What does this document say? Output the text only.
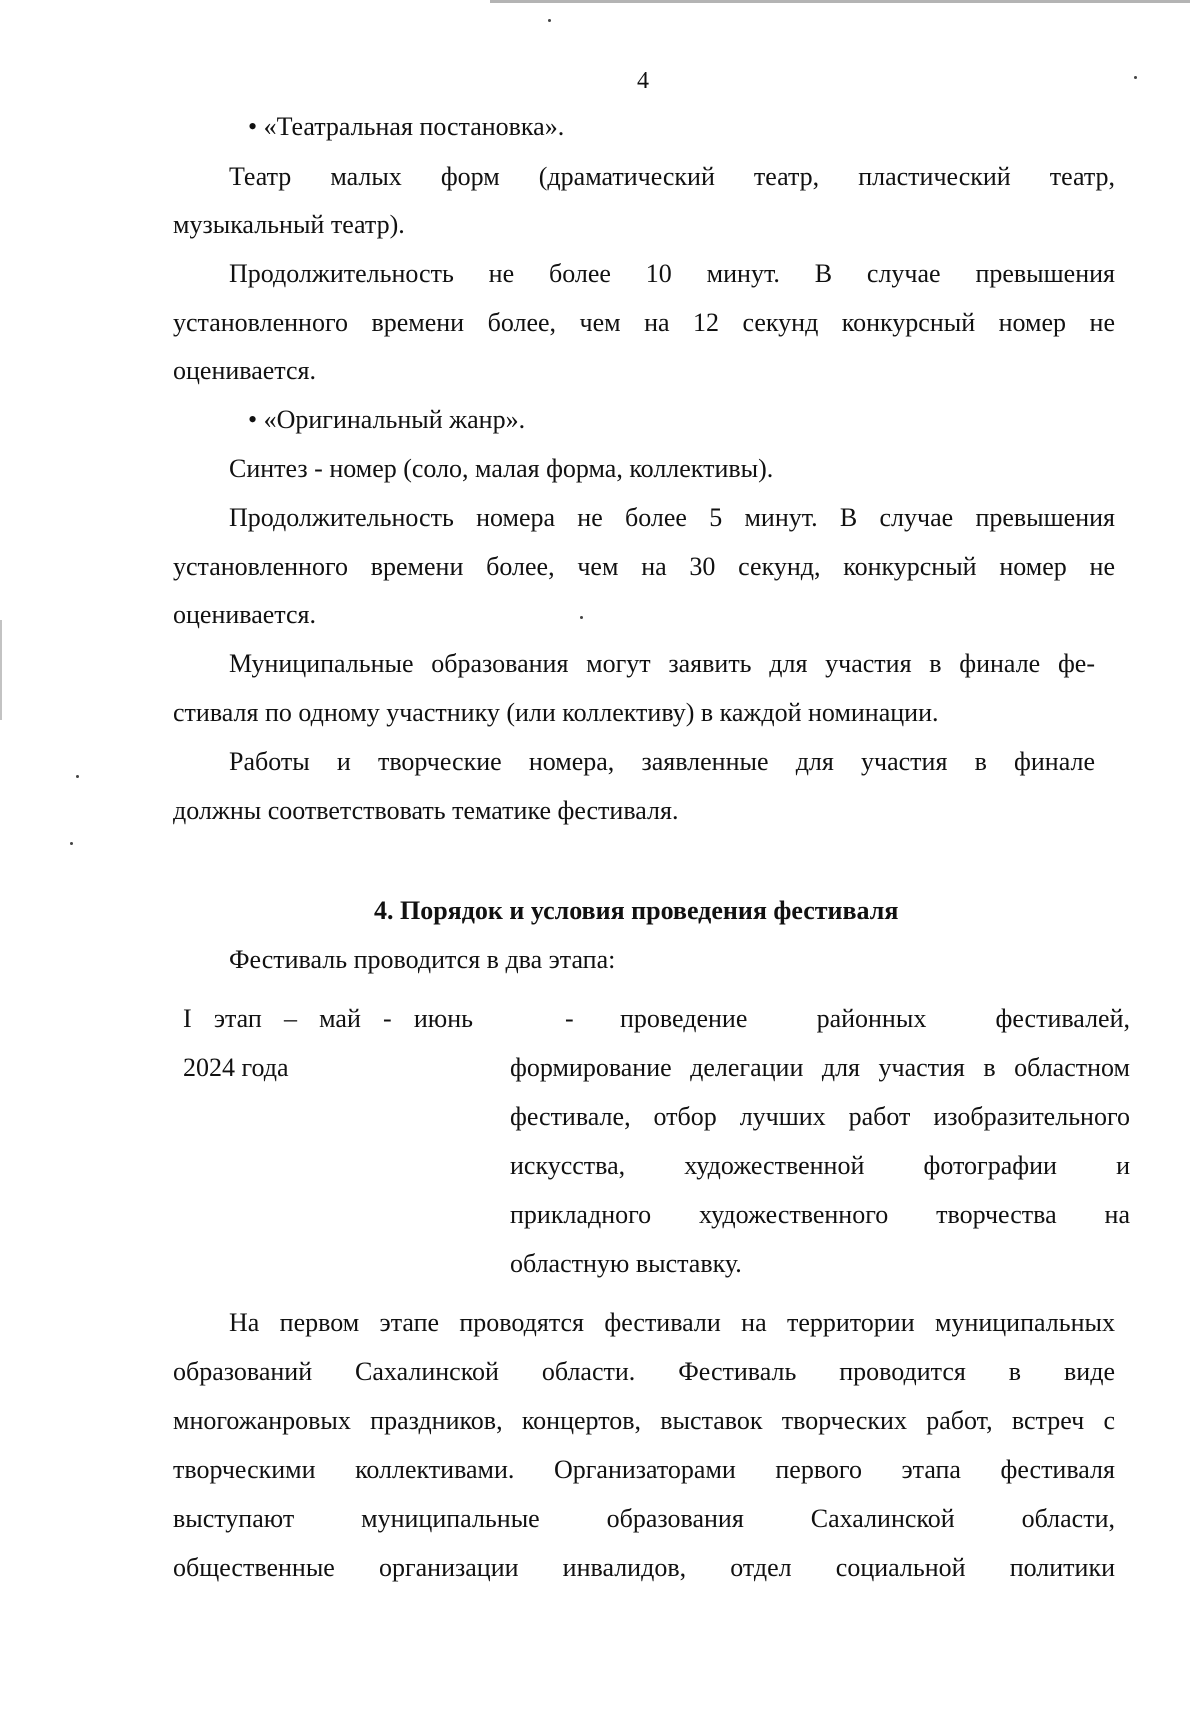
4
• «Театральная постановка».
Театр малых форм (драматический театр, пластический театр,
музыкальный театр).
Продолжительность не более 10 минут. В случае превышения
установленного времени более, чем на 12 секунд конкурсный номер не
оценивается.
• «Оригинальный жанр».
Синтез - номер (соло, малая форма, коллективы).
Продолжительность номера не более 5 минут. В случае превышения
установленного времени более, чем на 30 секунд, конкурсный номер не
оценивается.
Муниципальные образования могут заявить для участия в финале фе-
стиваля по одному участнику (или коллективу) в каждой номинации.
Работы и творческие номера, заявленные для участия в финале
должны соответствовать тематике фестиваля.
4. Порядок и условия проведения фестиваля
Фестиваль проводится в два этапа:
I этап – май - июнь
2024 года
- проведение районных фестивалей,
формирование делегации для участия в областном
фестивале, отбор лучших работ изобразительного
искусства, художественной фотографии и
прикладного художественного творчества на
областную выставку.
На первом этапе проводятся фестивали на территории муниципальных
образований Сахалинской области. Фестиваль проводится в виде
многожанровых праздников, концертов, выставок творческих работ, встреч с
творческими коллективами. Организаторами первого этапа фестиваля
выступают муниципальные образования Сахалинской области,
общественные организации инвалидов, отдел социальной политики
